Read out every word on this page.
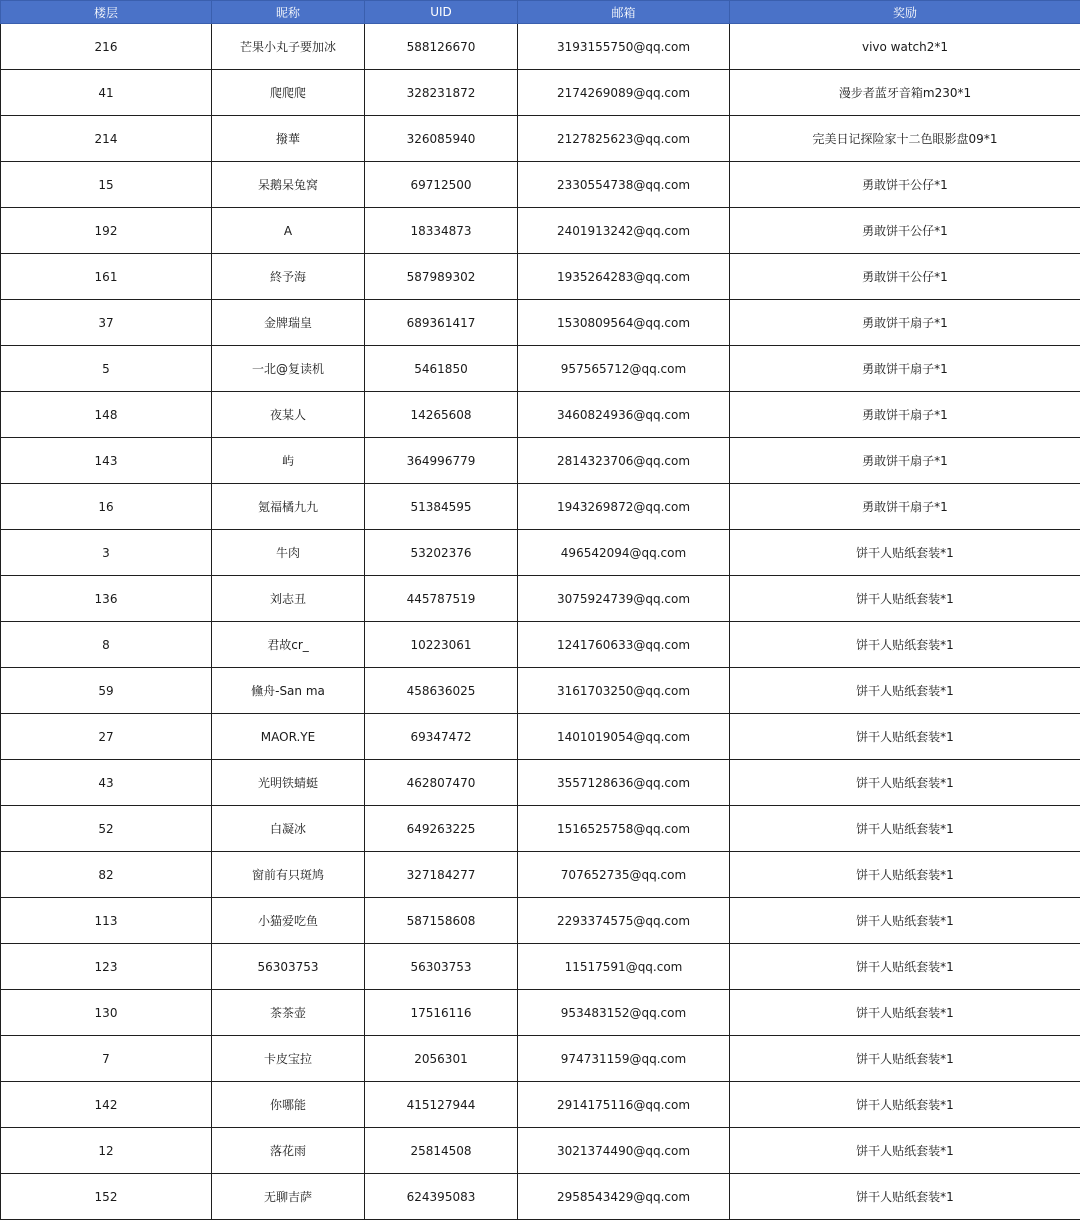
楼层	昵称	UID	邮箱	奖励
216	芒果小丸子要加冰	588126670	3193155750@qq.com	vivo watch2*1
41	爬爬爬	328231872	2174269089@qq.com	漫步者蓝牙音箱m230*1
214	撥華	326085940	2127825623@qq.com	完美日记探险家十二色眼影盘09*1
15	呆鹅呆兔窝	69712500	2330554738@qq.com	勇敢饼干公仔*1
192	A	18334873	2401913242@qq.com	勇敢饼干公仔*1
161	終予海	587989302	1935264283@qq.com	勇敢饼干公仔*1
37	金牌瑞皇	689361417	1530809564@qq.com	勇敢饼干扇子*1
5	一北@复读机	5461850	957565712@qq.com	勇敢饼干扇子*1
148	夜某人	14265608	3460824936@qq.com	勇敢饼干扇子*1
143	屿	364996779	2814323706@qq.com	勇敢饼干扇子*1
16	氪福橘九九	51384595	1943269872@qq.com	勇敢饼干扇子*1
3	牛肉	53202376	496542094@qq.com	饼干人贴纸套装*1
136	刘志丑	445787519	3075924739@qq.com	饼干人贴纸套装*1
8	君故cr_	10223061	1241760633@qq.com	饼干人贴纸套装*1
59	儵舟-San ma	458636025	3161703250@qq.com	饼干人贴纸套装*1
27	MAOR.YE	69347472	1401019054@qq.com	饼干人贴纸套装*1
43	光明铁蜻蜓	462807470	3557128636@qq.com	饼干人贴纸套装*1
52	白凝冰	649263225	1516525758@qq.com	饼干人贴纸套装*1
82	窗前有只斑鸠	327184277	707652735@qq.com	饼干人贴纸套装*1
113	小猫爱吃鱼	587158608	2293374575@qq.com	饼干人贴纸套装*1
123	56303753	56303753	11517591@qq.com	饼干人贴纸套装*1
130	茶茶壶	17516116	953483152@qq.com	饼干人贴纸套装*1
7	卡皮宝拉	2056301	974731159@qq.com	饼干人贴纸套装*1
142	你哪能	415127944	2914175116@qq.com	饼干人贴纸套装*1
12	落花雨	25814508	3021374490@qq.com	饼干人贴纸套装*1
152	无聊吉萨	624395083	2958543429@qq.com	饼干人贴纸套装*1
